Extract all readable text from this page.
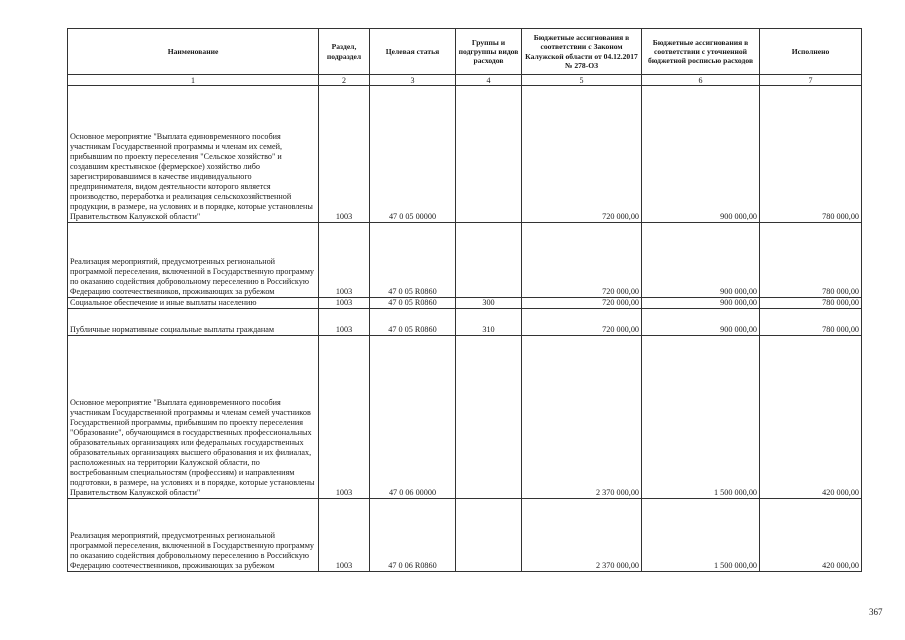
Наименование	Раздел, подраздел	Целевая статья	Группы и подгруппы видов расходов	Бюджетные ассигнования в соответствии с Законом Калужской области от 04.12.2017 № 278-ОЗ	Бюджетные ассигнования в соответствии с уточненной бюджетной росписью расходов	Исполнено
1	2	3	4	5	6	7
Основное мероприятие "Выплата единовременного пособия участникам Государственной программы и членам их семей, прибывшим по проекту переселения "Сельское хозяйство" и создавшим крестьянское (фермерское) хозяйство либо зарегистрировавшимся в качестве индивидуального предпринимателя, видом деятельности которого является производство, переработка и реализация сельскохозяйственной продукции, в размере, на условиях и в порядке, которые установлены Правительством Калужской области"	1003	47 0 05 00000		720 000,00	900 000,00	780 000,00
Реализация мероприятий, предусмотренных региональной программой переселения, включенной в Государственную программу по оказанию содействия добровольному переселению в Российскую Федерацию соотечественников, проживающих за рубежом	1003	47 0 05 R0860		720 000,00	900 000,00	780 000,00
Социальное обеспечение и иные выплаты населению	1003	47 0 05 R0860	300	720 000,00	900 000,00	780 000,00
Публичные нормативные социальные выплаты гражданам	1003	47 0 05 R0860	310	720 000,00	900 000,00	780 000,00
Основное мероприятие "Выплата единовременного пособия участникам Государственной программы и членам семей участников Государственной программы, прибывшим по проекту переселения "Образование", обучающимся в государственных профессиональных образовательных организациях или федеральных государственных образовательных организациях высшего образования и их филиалах, расположенных на территории Калужской области, по востребованным специальностям (профессиям) и направлениям подготовки, в размере, на условиях и в порядке, которые установлены Правительством Калужской области"	1003	47 0 06 00000		2 370 000,00	1 500 000,00	420 000,00
Реализация мероприятий, предусмотренных региональной программой переселения, включенной в Государственную программу по оказанию содействия добровольному переселению в Российскую Федерацию соотечественников, проживающих за рубежом	1003	47 0 06 R0860		2 370 000,00	1 500 000,00	420 000,00
367
